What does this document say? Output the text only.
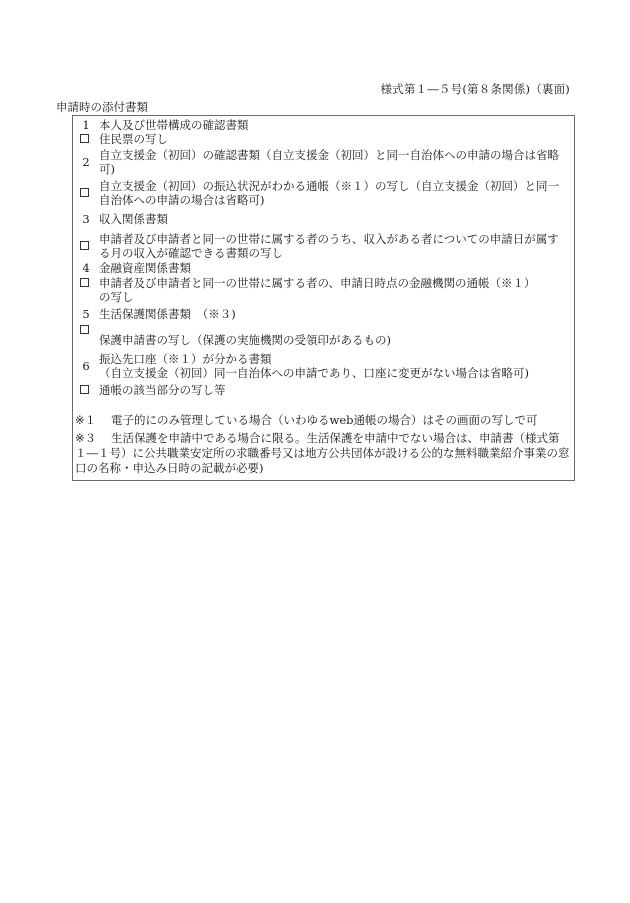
様式第１―５号(第８条関係)（裏面)
申請時の添付書類
1 本人及び世帯構成の確認書類
住民票の写し
2 自立支援金（初回）の確認書類（自立支援金（初回）と同一自治体への申請の場合は省略可)
自立支援金（初回）の振込状況がわかる通帳（※１）の写し（自立支援金（初回）と同一自治体への申請の場合は省略可)
3 収入関係書類
申請者及び申請者と同一の世帯に属する者のうち、収入がある者についての申請日が属する月の収入が確認できる書類の写し
4 金融資産関係書類
申請者及び申請者と同一の世帯に属する者の、申請日時点の金融機関の通帳（※１）の写し
5 生活保護関係書類　（※３)
保護申請書の写し（保護の実施機関の受領印があるもの)
6 振込先口座（※１）が分かる書類
（自立支援金（初回）同一自治体への申請であり、口座に変更がない場合は省略可)
通帳の該当部分の写し等
※１ 電子的にのみ管理している場合（いわゆるweb通帳の場合）はその画面の写しで可
※３ 生活保護を申請中である場合に限る。生活保護を申請中でない場合は、申請書（様式第１―１号）に公共職業安定所の求職番号又は地方公共団体が設ける公的な無料職業紹介事業の窓口の名称・申込み日時の記載が必要)
